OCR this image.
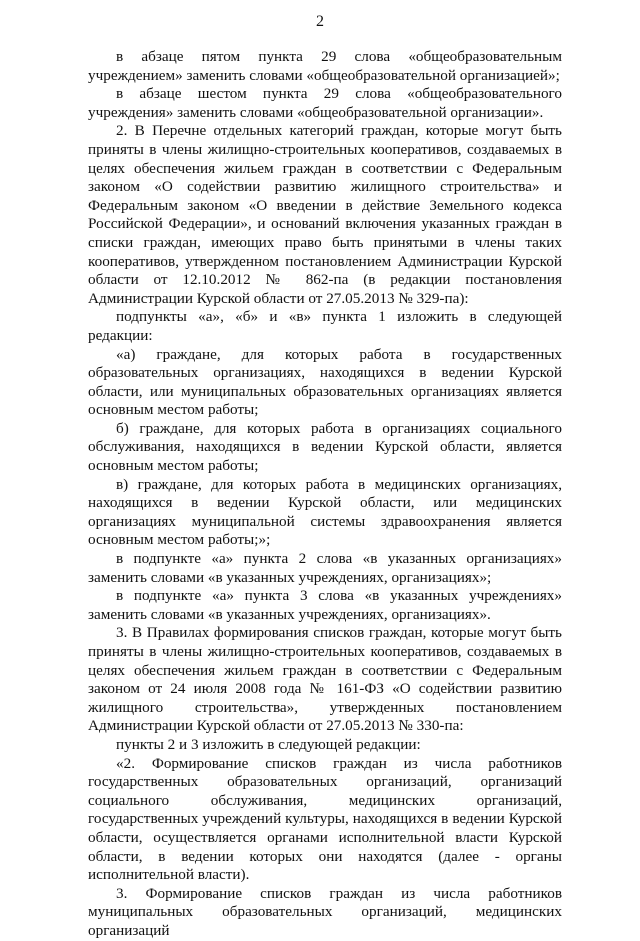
2

в абзаце пятом пункта 29 слова «общеобразовательным учреждением» заменить словами «общеобразовательной организацией»;

в абзаце шестом пункта 29 слова «общеобразовательного учреждения» заменить словами «общеобразовательной организации».

2. В Перечне отдельных категорий граждан, которые могут быть приняты в члены жилищно-строительных кооперативов, создаваемых в целях обеспечения жильем граждан в соответствии с Федеральным законом «О содействии развитию жилищного строительства» и Федеральным законом «О введении в действие Земельного кодекса Российской Федерации», и оснований включения указанных граждан в списки граждан, имеющих право быть принятыми в члены таких кооперативов, утвержденном постановлением Администрации Курской области от 12.10.2012 № 862-па (в редакции постановления Администрации Курской области от 27.05.2013 № 329-па):

подпункты «а», «б» и «в» пункта 1 изложить в следующей редакции:

«а) граждане, для которых работа в государственных образовательных организациях, находящихся в ведении Курской области, или муниципальных образовательных организациях является основным местом работы;

б) граждане, для которых работа в организациях социального обслуживания, находящихся в ведении Курской области, является основным местом работы;

в) граждане, для которых работа в медицинских организациях, находящихся в ведении Курской области, или медицинских организациях муниципальной системы здравоохранения является основным местом работы;»;

в подпункте «а» пункта 2 слова «в указанных организациях» заменить словами «в указанных учреждениях, организациях»;

в подпункте «а» пункта 3 слова «в указанных учреждениях» заменить словами «в указанных учреждениях, организациях».

3. В Правилах формирования списков граждан, которые могут быть приняты в члены жилищно-строительных кооперативов, создаваемых в целях обеспечения жильем граждан в соответствии с Федеральным законом от 24 июля 2008 года № 161-ФЗ «О содействии развитию жилищного строительства», утвержденных постановлением Администрации Курской области от 27.05.2013 № 330-па:

пункты 2 и 3 изложить в следующей редакции:

«2. Формирование списков граждан из числа работников государственных образовательных организаций, организаций социального обслуживания, медицинских организаций, государственных учреждений культуры, находящихся в ведении Курской области, осуществляется органами исполнительной власти Курской области, в ведении которых они находятся (далее - органы исполнительной власти).

3. Формирование списков граждан из числа работников муниципальных образовательных организаций, медицинских организаций
